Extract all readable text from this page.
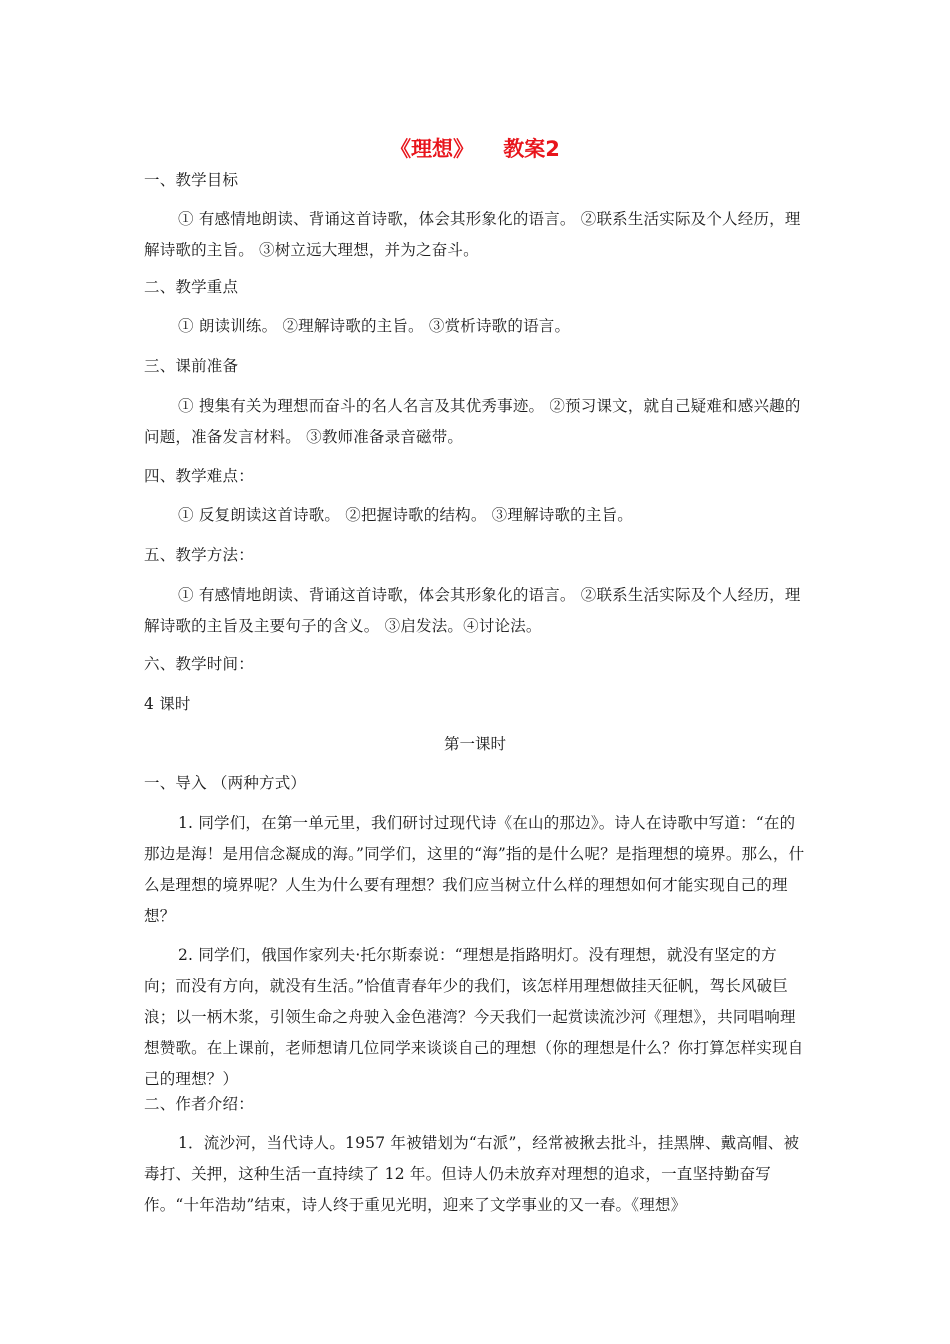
《理想》    教案2

一、教学目标

① 有感情地朗读、背诵这首诗歌，体会其形象化的语言。 ②联系生活实际及个人经历，理解诗歌的主旨。 ③树立远大理想，并为之奋斗。

二、教学重点

① 朗读训练。 ②理解诗歌的主旨。 ③赏析诗歌的语言。

三、课前准备

① 搜集有关为理想而奋斗的名人名言及其优秀事迹。 ②预习课文，就自己疑难和感兴趣的问题，准备发言材料。 ③教师准备录音磁带。

四、教学难点：

① 反复朗读这首诗歌。 ②把握诗歌的结构。 ③理解诗歌的主旨。

五、教学方法：

① 有感情地朗读、背诵这首诗歌，体会其形象化的语言。 ②联系生活实际及个人经历，理解诗歌的主旨及主要句子的含义。 ③启发法。④讨论法。

六、教学时间：

4 课时

第一课时

一、导入 （两种方式）

1. 同学们，在第一单元里，我们研讨过现代诗《在山的那边》。诗人在诗歌中写道：“在的那边是海！是用信念凝成的海。”同学们，这里的“海”指的是什么呢？是指理想的境界。那么，什么是理想的境界呢？人生为什么要有理想？我们应当树立什么样的理想如何才能实现自己的理想？

2. 同学们，俄国作家列夫·托尔斯泰说：“理想是指路明灯。没有理想，就没有坚定的方向；而没有方向，就没有生活。”恰值青春年少的我们，该怎样用理想做挂天征帆，驾长风破巨浪；以一柄木浆，引领生命之舟驶入金色港湾？今天我们一起赏读流沙河《理想》，共同唱响理想赞歌。在上课前，老师想请几位同学来谈谈自己的理想（你的理想是什么？你打算怎样实现自己的理想？）

二、作者介绍：

1．流沙河，当代诗人。1957 年被错划为“右派”，经常被揪去批斗，挂黑牌、戴高帽、被毒打、关押，这种生活一直持续了 12 年。但诗人仍未放弃对理想的追求，一直坚持勤奋写作。“十年浩劫”结束，诗人终于重见光明，迎来了文学事业的又一春。《理想》
